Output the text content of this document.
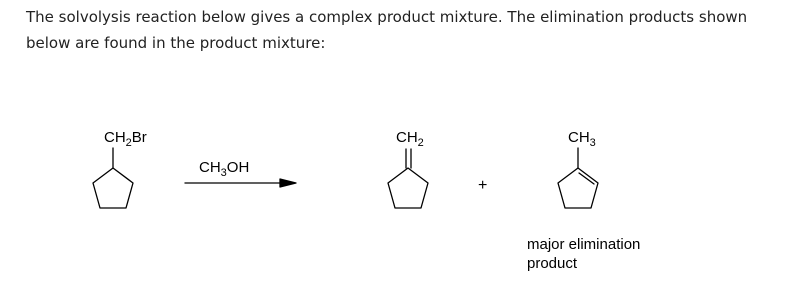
The solvolysis reaction below gives a complex product mixture. The elimination products shown below are found in the product mixture:

$CH_2Br$
$CH_3OH$
$CH_2$
+
$CH_3$
major elimination
product
